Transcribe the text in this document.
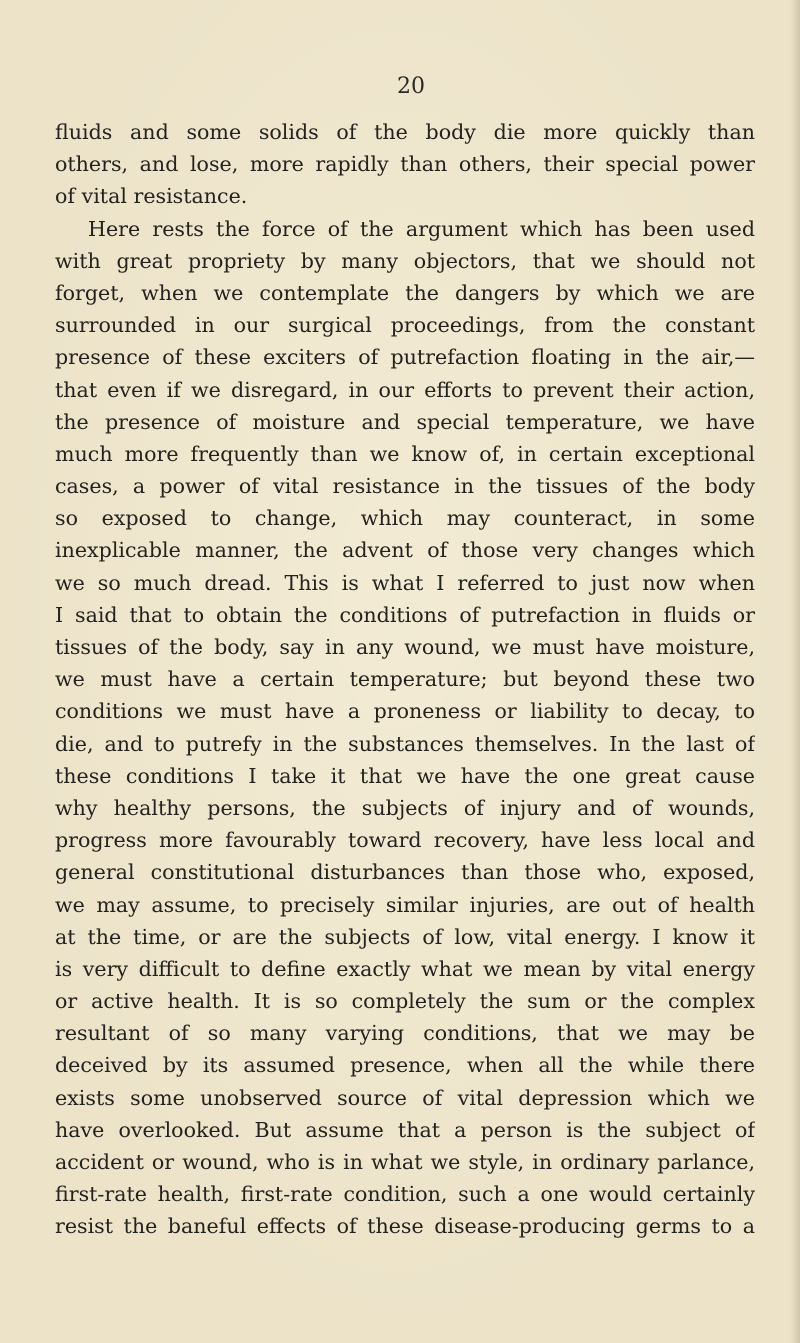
20

fluids and some solids of the body die more quickly than
others, and lose, more rapidly than others, their special power
of vital resistance.
Here rests the force of the argument which has been used
with great propriety by many objectors, that we should not
forget, when we contemplate the dangers by which we are
surrounded in our surgical proceedings, from the constant
presence of these exciters of putrefaction floating in the air,—
that even if we disregard, in our efforts to prevent their action,
the presence of moisture and special temperature, we have
much more frequently than we know of, in certain exceptional
cases, a power of vital resistance in the tissues of the body
so exposed to change, which may counteract, in some
inexplicable manner, the advent of those very changes which
we so much dread. This is what I referred to just now when
I said that to obtain the conditions of putrefaction in fluids or
tissues of the body, say in any wound, we must have moisture,
we must have a certain temperature; but beyond these two
conditions we must have a proneness or liability to decay, to
die, and to putrefy in the substances themselves. In the last of
these conditions I take it that we have the one great cause
why healthy persons, the subjects of injury and of wounds,
progress more favourably toward recovery, have less local and
general constitutional disturbances than those who, exposed,
we may assume, to precisely similar injuries, are out of health
at the time, or are the subjects of low, vital energy. I know it
is very difficult to define exactly what we mean by vital energy
or active health. It is so completely the sum or the complex
resultant of so many varying conditions, that we may be
deceived by its assumed presence, when all the while there
exists some unobserved source of vital depression which we
have overlooked. But assume that a person is the subject of
accident or wound, who is in what we style, in ordinary parlance,
first-rate health, first-rate condition, such a one would certainly
resist the baneful effects of these disease-producing germs to a
